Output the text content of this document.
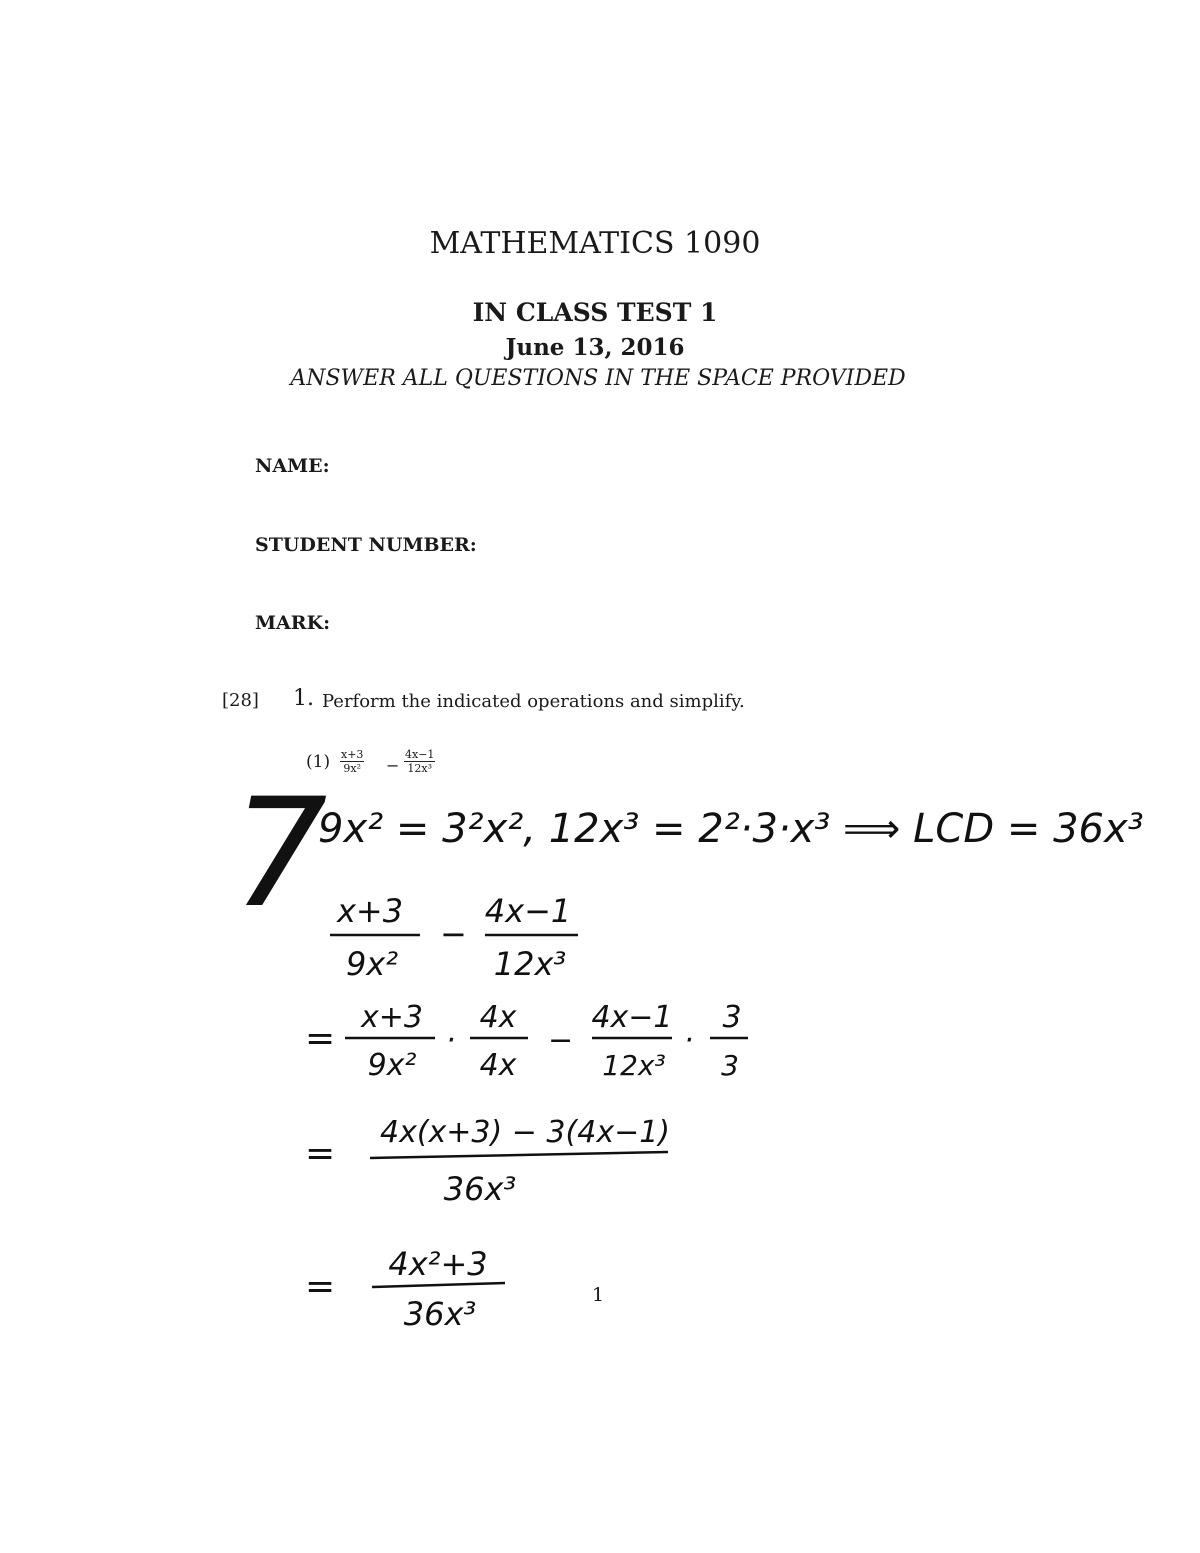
MATHEMATICS 1090
IN CLASS TEST 1
June 13, 2016
ANSWER ALL QUESTIONS IN THE SPACE PROVIDED
NAME:
STUDENT NUMBER:
MARK:
[28] 1. Perform the indicated operations and simplify.
$(1) \frac{x+3}{\text{9x²}} - \frac{4x-1}{\text{12x³}}$
7
9x² = 3²x², 12x³ = 2²·3·x³ ⟹ LCD = 36x³
x+3
9x²
−
4x−1
12x³
=
x+3
9x²
·
4x
4x
−
4x−1
12x³
·
3
3
=
4x(x+3) − 3(4x−1)
36x³
=
4x²+3
36x³	1
